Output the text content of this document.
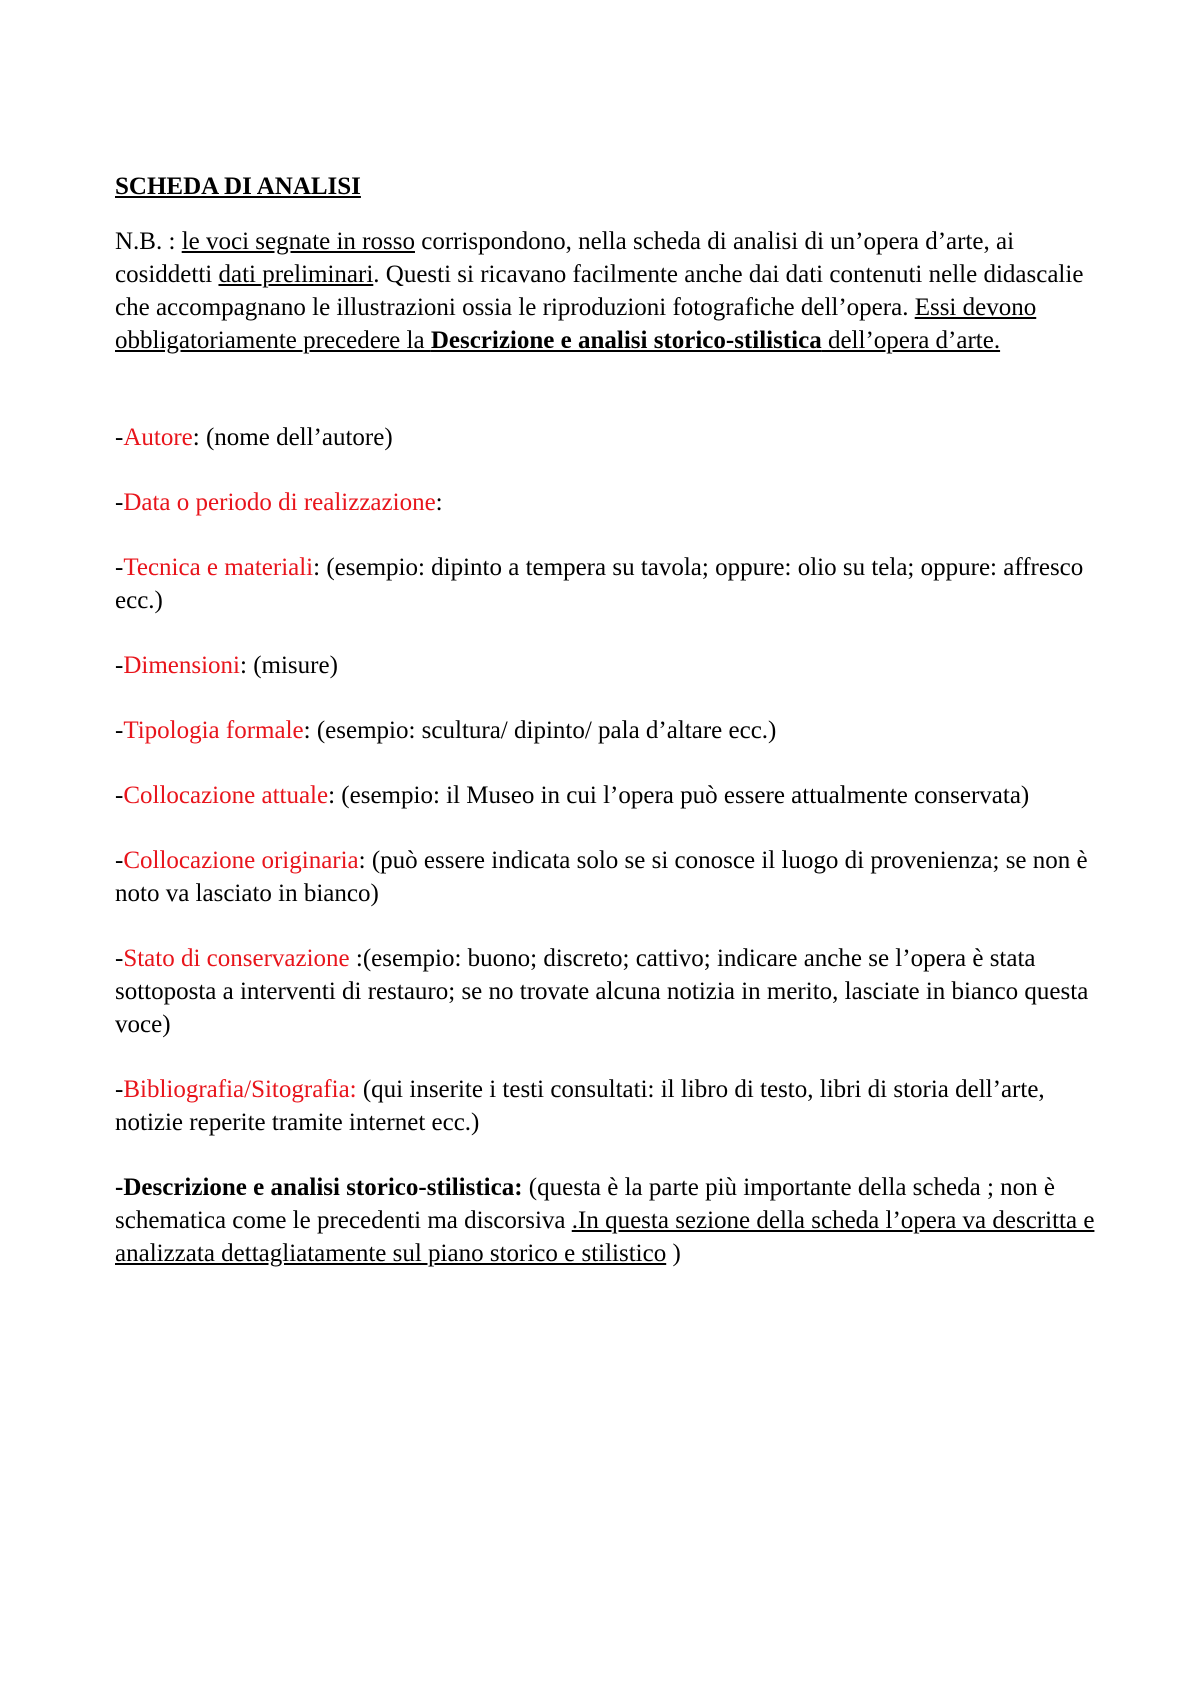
SCHEDA DI ANALISI

N.B. : le voci segnate in rosso corrispondono, nella scheda di analisi di un’opera d’arte, ai cosiddetti dati preliminari. Questi si ricavano facilmente anche dai dati contenuti nelle didascalie che accompagnano le illustrazioni ossia le riproduzioni fotografiche dell’opera. Essi devono obbligatoriamente precedere la Descrizione e analisi storico-stilistica dell’opera d’arte.

-Autore: (nome dell’autore)

-Data o periodo di realizzazione:

-Tecnica e materiali: (esempio: dipinto a tempera su tavola; oppure: olio su tela; oppure: affresco ecc.)

-Dimensioni: (misure)

-Tipologia formale: (esempio: scultura/ dipinto/ pala d’altare ecc.)

-Collocazione attuale: (esempio: il Museo in cui l’opera può essere attualmente conservata)

-Collocazione originaria: (può essere indicata solo se si conosce il luogo di provenienza; se non è noto va lasciato in bianco)

-Stato di conservazione :(esempio: buono; discreto; cattivo; indicare anche se l’opera è stata sottoposta a interventi di restauro; se no trovate alcuna notizia in merito, lasciate in bianco questa voce)

-Bibliografia/Sitografia: (qui inserite i testi consultati: il libro di testo, libri di storia dell’arte, notizie reperite tramite internet ecc.)

-Descrizione e analisi storico-stilistica: (questa è la parte più importante della scheda ; non è schematica come le precedenti ma discorsiva .In questa sezione della scheda l’opera va descritta e analizzata dettagliatamente sul piano storico e stilistico )
